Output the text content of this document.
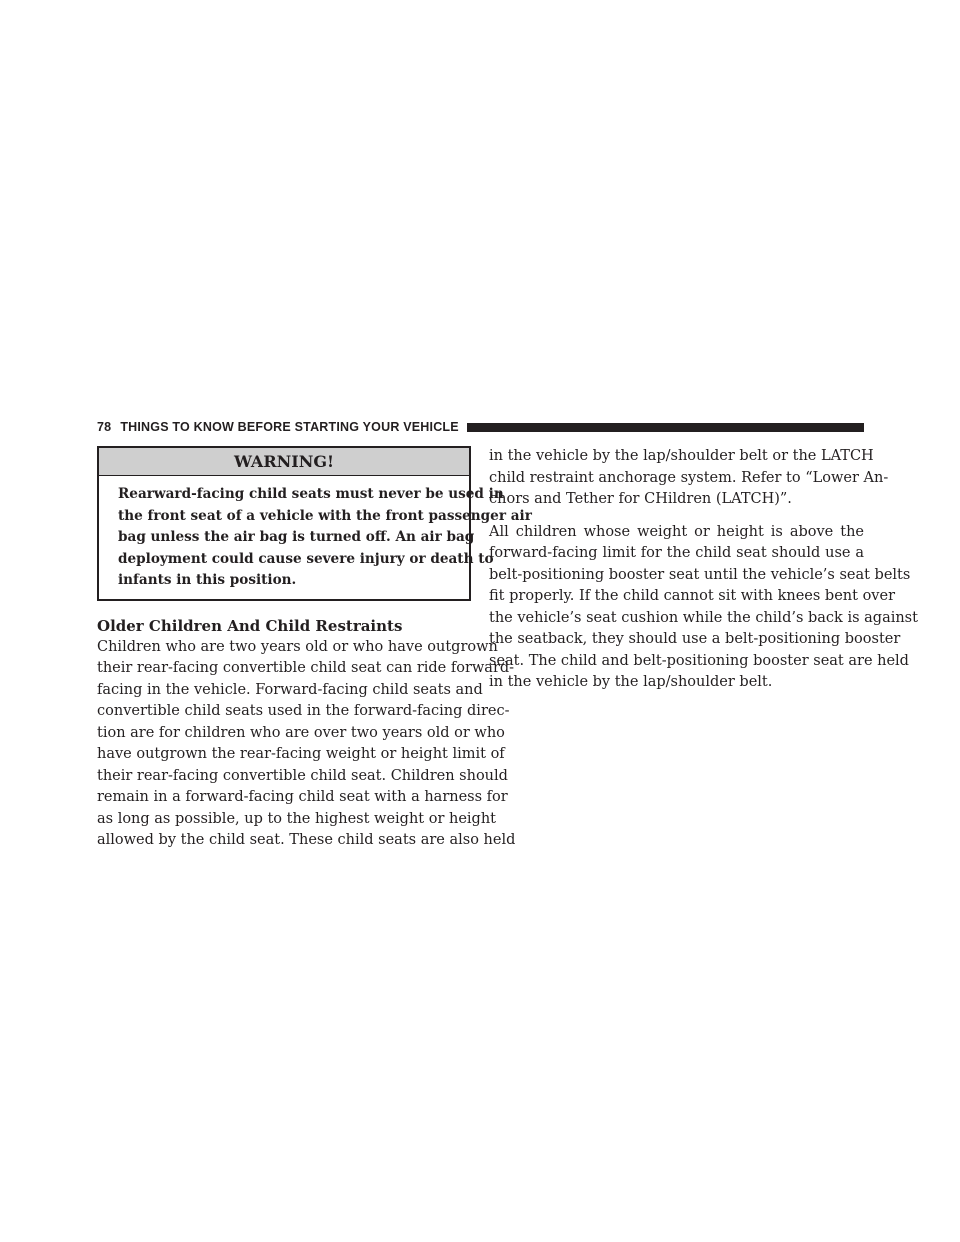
78 THINGS TO KNOW BEFORE STARTING YOUR VEHICLE
WARNING!
Rearward-facing child seats must never be used in
the front seat of a vehicle with the front passenger air
bag unless the air bag is turned off. An air bag
deployment could cause severe injury or death to
infants in this position.
Older Children And Child Restraints

Children who are two years old or who have outgrown
their rear-facing convertible child seat can ride forward-
facing in the vehicle. Forward-facing child seats and
convertible child seats used in the forward-facing direc-
tion are for children who are over two years old or who
have outgrown the rear-facing weight or height limit of
their rear-facing convertible child seat. Children should
remain in a forward-facing child seat with a harness for
as long as possible, up to the highest weight or height
allowed by the child seat. These child seats are also held

in the vehicle by the lap/shoulder belt or the LATCH
child restraint anchorage system. Refer to “Lower An-
chors and Tether for CHildren (LATCH)”.

All children whose weight or height is above the
forward-facing limit for the child seat should use a
belt-positioning booster seat until the vehicle’s seat belts
fit properly. If the child cannot sit with knees bent over
the vehicle’s seat cushion while the child’s back is against
the seatback, they should use a belt-positioning booster
seat. The child and belt-positioning booster seat are held
in the vehicle by the lap/shoulder belt.
